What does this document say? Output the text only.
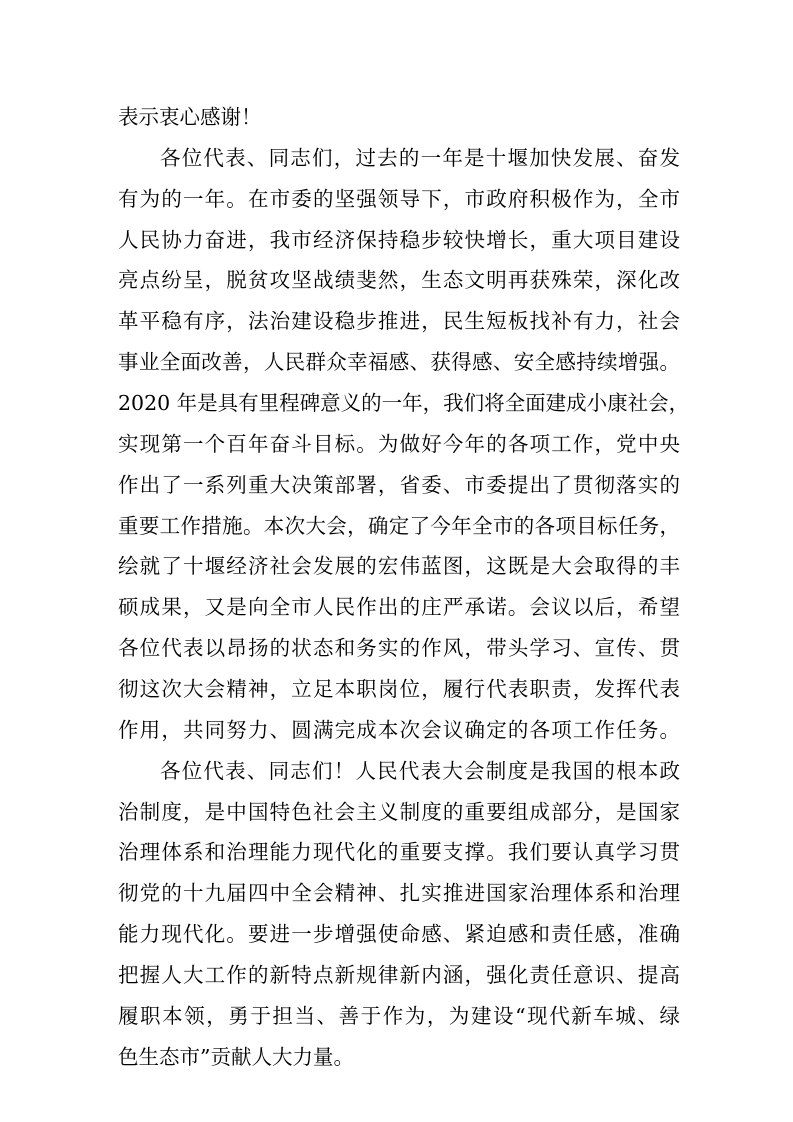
表示衷心感谢！
各位代表、同志们，过去的一年是十堰加快发展、奋发
有为的一年。在市委的坚强领导下，市政府积极作为，全市
人民协力奋进，我市经济保持稳步较快增长，重大项目建设
亮点纷呈，脱贫攻坚战绩斐然，生态文明再获殊荣，深化改
革平稳有序，法治建设稳步推进，民生短板找补有力，社会
事业全面改善，人民群众幸福感、获得感、安全感持续增强。
2020 年是具有里程碑意义的一年，我们将全面建成小康社会，
实现第一个百年奋斗目标。为做好今年的各项工作，党中央
作出了一系列重大决策部署，省委、市委提出了贯彻落实的
重要工作措施。本次大会，确定了今年全市的各项目标任务，
绘就了十堰经济社会发展的宏伟蓝图，这既是大会取得的丰
硕成果，又是向全市人民作出的庄严承诺。会议以后，希望
各位代表以昂扬的状态和务实的作风，带头学习、宣传、贯
彻这次大会精神，立足本职岗位，履行代表职责，发挥代表
作用，共同努力、圆满完成本次会议确定的各项工作任务。
各位代表、同志们！人民代表大会制度是我国的根本政
治制度，是中国特色社会主义制度的重要组成部分，是国家
治理体系和治理能力现代化的重要支撑。我们要认真学习贯
彻党的十九届四中全会精神、扎实推进国家治理体系和治理
能力现代化。要进一步增强使命感、紧迫感和责任感，准确
把握人大工作的新特点新规律新内涵，强化责任意识、提高
履职本领，勇于担当、善于作为，为建设“现代新车城、绿
色生态市”贡献人大力量。
